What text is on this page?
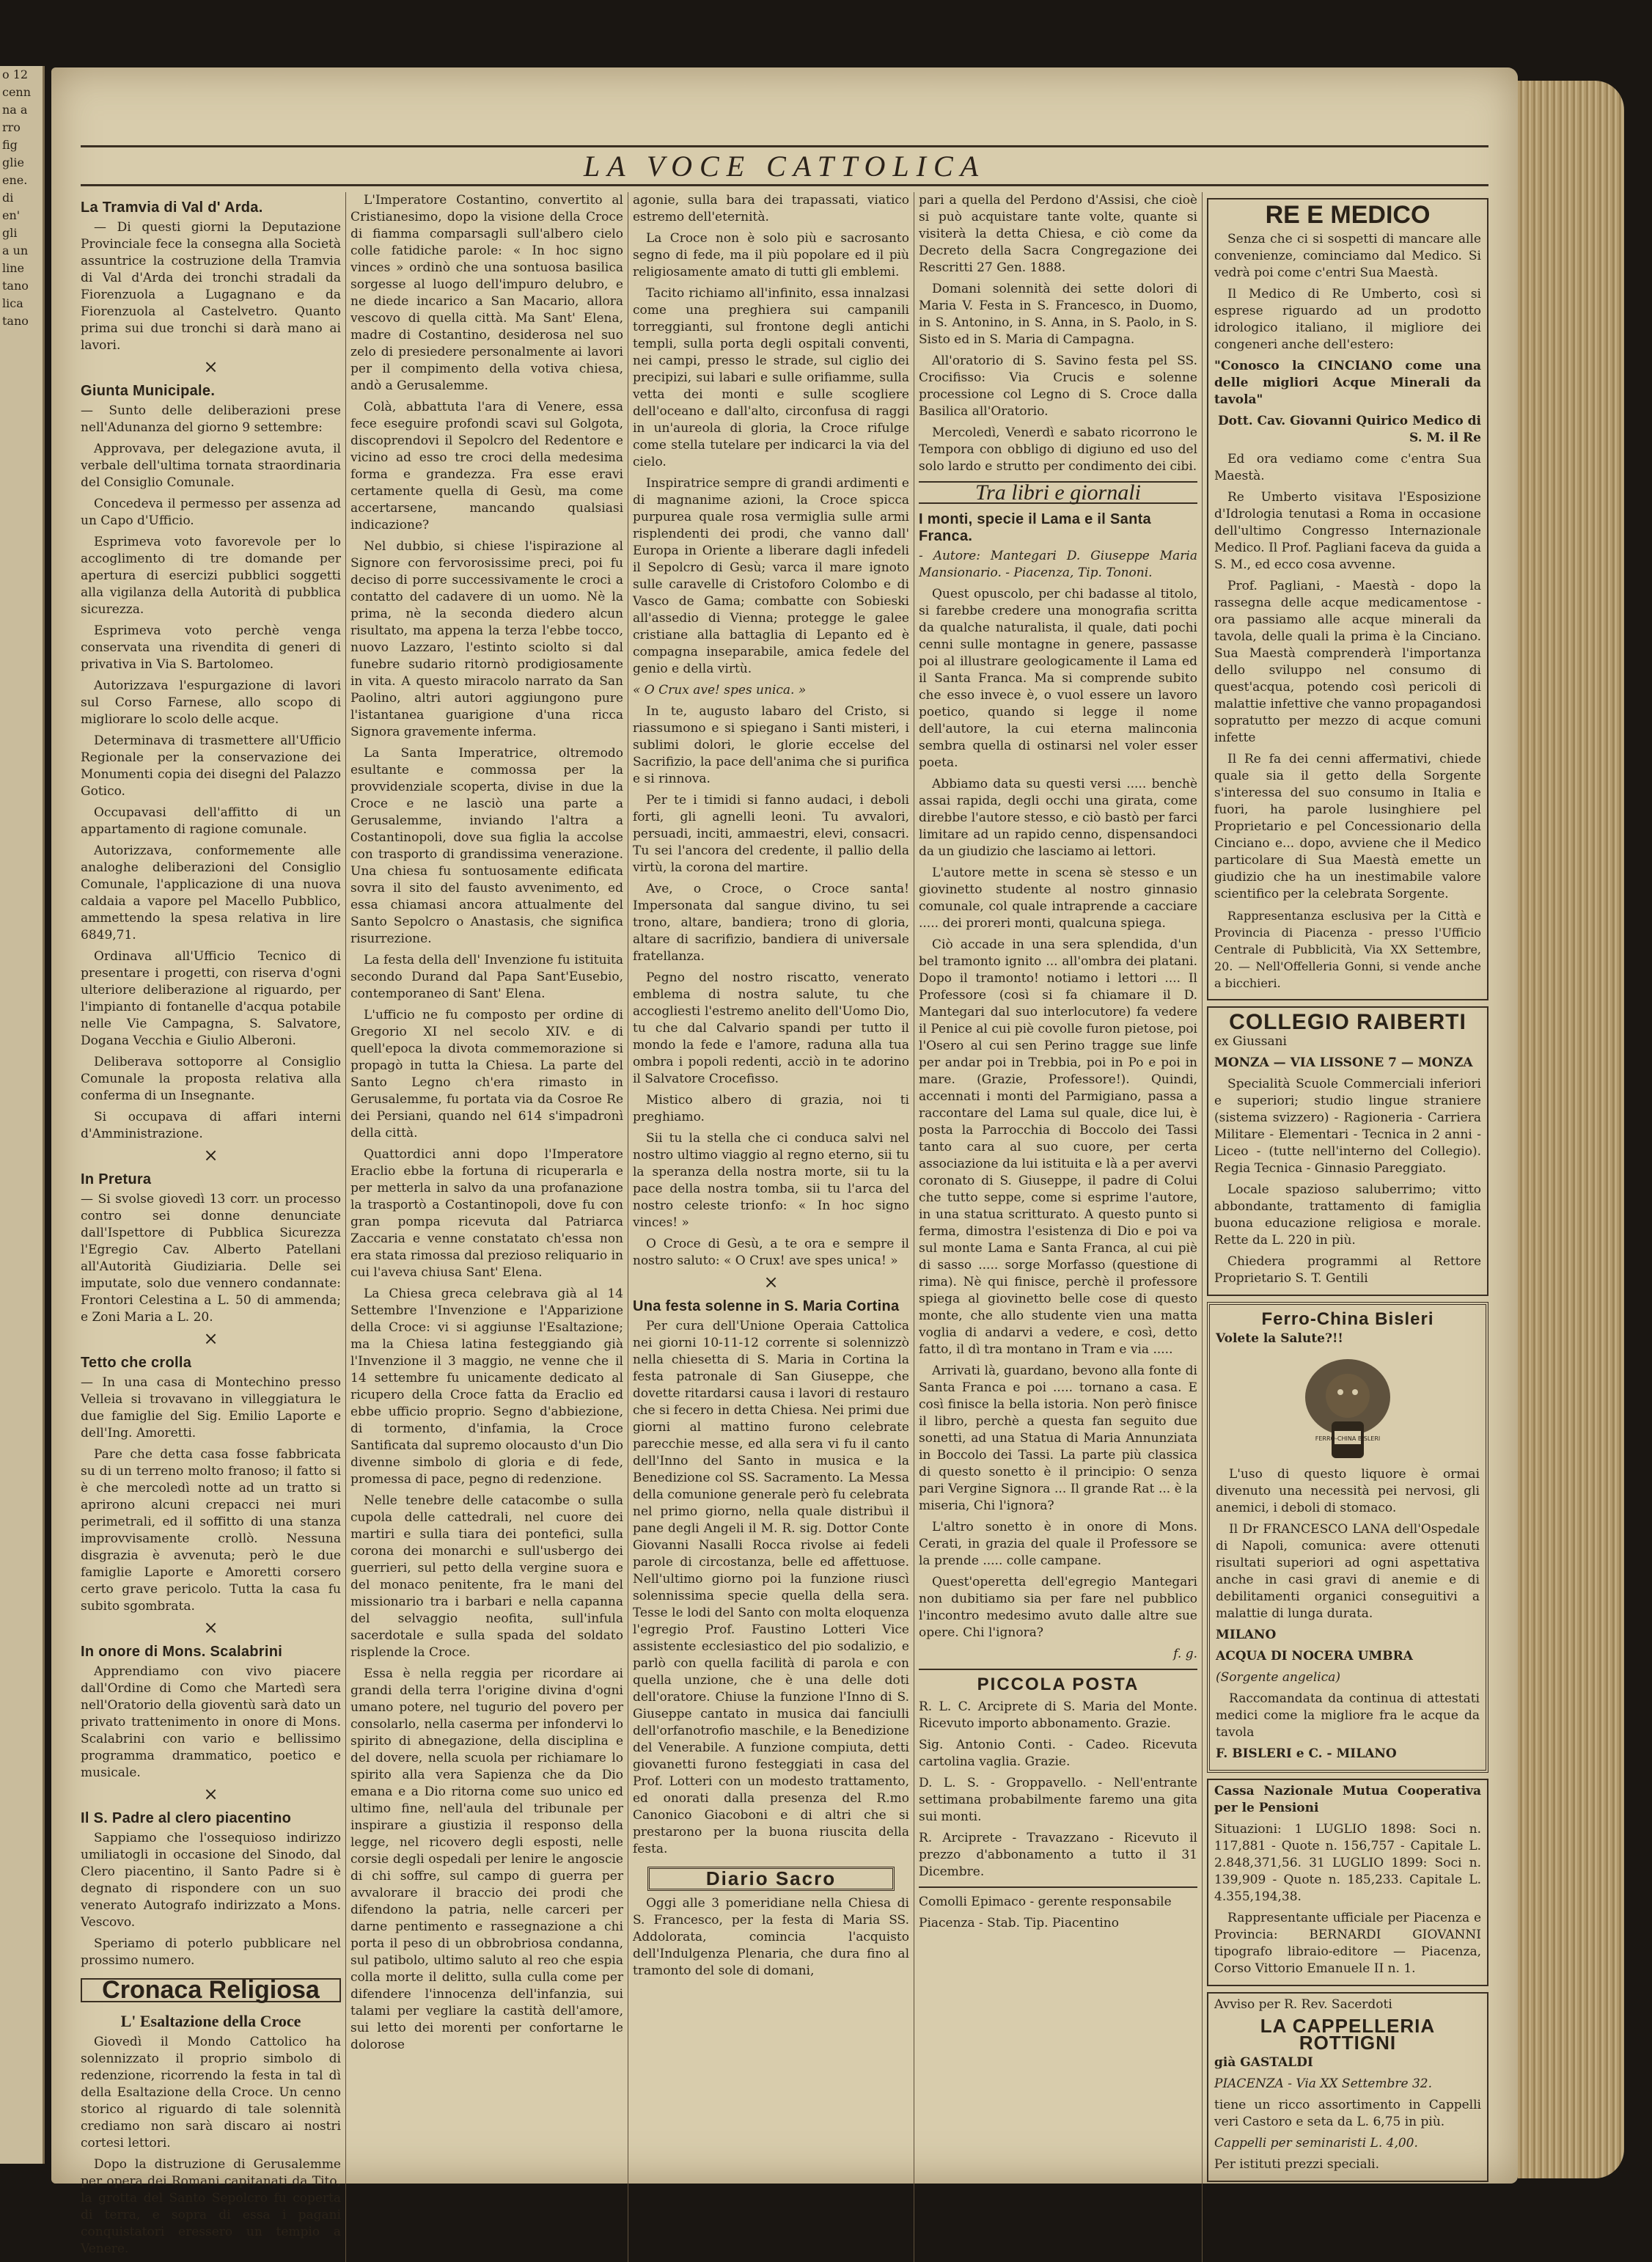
o 12
cenn
na a
rro
fig
glie
ene.
di
en'
gli
a un
line
tano
lica
tano
LA VOCE CATTOLICA
La Tramvia di Val d' Arda.

— Di questi giorni la Deputazione Provinciale fece la consegna alla Società assuntrice la costruzione della Tramvia di Val d'Arda dei tronchi stradali da Fiorenzuola a Lugagnano e da Fiorenzuola al Castelvetro. Quanto prima sui due tronchi si darà mano ai lavori.

×
Giunta Municipale.

— Sunto delle deliberazioni prese nell'Adunanza del giorno 9 settembre:

Approvava, per delegazione avuta, il verbale dell'ultima tornata straordinaria del Consiglio Comunale.

Concedeva il permesso per assenza ad un Capo d'Ufficio.

Esprimeva voto favorevole per lo accoglimento di tre domande per apertura di esercizi pubblici soggetti alla vigilanza della Autorità di pubblica sicurezza.

Esprimeva voto perchè venga conservata una rivendita di generi di privativa in Via S. Bartolomeo.

Autorizzava l'espurgazione di lavori sul Corso Farnese, allo scopo di migliorare lo scolo delle acque.

Determinava di trasmettere all'Ufficio Regionale per la conservazione dei Monumenti copia dei disegni del Palazzo Gotico.

Occupavasi dell'affitto di un appartamento di ragione comunale.

Autorizzava, conformemente alle analoghe deliberazioni del Consiglio Comunale, l'applicazione di una nuova caldaia a vapore pel Macello Pubblico, ammettendo la spesa relativa in lire 6849,71.

Ordinava all'Ufficio Tecnico di presentare i progetti, con riserva d'ogni ulteriore deliberazione al riguardo, per l'impianto di fontanelle d'acqua potabile nelle Vie Campagna, S. Salvatore, Dogana Vecchia e Giulio Alberoni.

Deliberava sottoporre al Consiglio Comunale la proposta relativa alla conferma di un Insegnante.

Si occupava di affari interni d'Amministrazione.

×
In Pretura

— Si svolse giovedì 13 corr. un processo contro sei donne denunciate dall'Ispettore di Pubblica Sicurezza l'Egregio Cav. Alberto Patellani all'Autorità Giudiziaria. Delle sei imputate, solo due vennero condannate: Frontori Celestina a L. 50 di ammenda; e Zoni Maria a L. 20.

×
Tetto che crolla

— In una casa di Montechino presso Velleia si trovavano in villeggiatura le due famiglie del Sig. Emilio Laporte e dell'Ing. Amoretti.

Pare che detta casa fosse fabbricata su di un terreno molto franoso; il fatto si è che mercoledì notte ad un tratto si aprirono alcuni crepacci nei muri perimetrali, ed il soffitto di una stanza improvvisamente crollò. Nessuna disgrazia è avvenuta; però le due famiglie Laporte e Amoretti corsero certo grave pericolo. Tutta la casa fu subito sgombrata.

×
In onore di Mons. Scalabrini

Apprendiamo con vivo piacere dall'Ordine di Como che Martedì sera nell'Oratorio della gioventù sarà dato un privato trattenimento in onore di Mons. Scalabrini con vario e bellissimo programma drammatico, poetico e musicale.

×
Il S. Padre al clero piacentino

Sappiamo che l'ossequioso indirizzo umiliatogli in occasione del Sinodo, dal Clero piacentino, il Santo Padre si è degnato di rispondere con un suo venerato Autografo indirizzato a Mons. Vescovo.

Speriamo di poterlo pubblicare nel prossimo numero.

Cronaca Religiosa
L' Esaltazione della Croce

Giovedì il Mondo Cattolico ha solennizzato il proprio simbolo di redenzione, ricorrendo la festa in tal dì della Esaltazione della Croce. Un cenno storico al riguardo di tale solennità crediamo non sarà discaro ai nostri cortesi lettori.

Dopo la distruzione di Gerusalemme per opera dei Romani capitanati da Tito, la grotta del Santo Sepolcro fu coperta di terra, e sopra di essa i pagani conquistatori eressero un tempio a Venere.

L'Imperatore Costantino, convertito al Cristianesimo, dopo la visione della Croce di fiamma comparsagli sull'albero cielo colle fatidiche parole: « In hoc signo vinces » ordinò che una sontuosa basilica sorgesse al luogo dell'impuro delubro, e ne diede incarico a San Macario, allora vescovo di quella città. Ma Sant' Elena, madre di Costantino, desiderosa nel suo zelo di presiedere personalmente ai lavori per il compimento della votiva chiesa, andò a Gerusalemme.

Colà, abbattuta l'ara di Venere, essa fece eseguire profondi scavi sul Golgota, discoprendovi il Sepolcro del Redentore e vicino ad esso tre croci della medesima forma e grandezza. Fra esse eravi certamente quella di Gesù, ma come accertarsene, mancando qualsiasi indicazione?

Nel dubbio, si chiese l'ispirazione al Signore con fervorosissime preci, poi fu deciso di porre successivamente le croci a contatto del cadavere di un uomo. Nè la prima, nè la seconda diedero alcun risultato, ma appena la terza l'ebbe tocco, nuovo Lazzaro, l'estinto sciolto si dal funebre sudario ritornò prodigiosamente in vita. A questo miracolo narrato da San Paolino, altri autori aggiungono pure l'istantanea guarigione d'una ricca Signora gravemente inferma.

La Santa Imperatrice, oltremodo esultante e commossa per la provvidenziale scoperta, divise in due la Croce e ne lasciò una parte a Gerusalemme, inviando l'altra a Costantinopoli, dove sua figlia la accolse con trasporto di grandissima venerazione. Una chiesa fu sontuosamente edificata sovra il sito del fausto avvenimento, ed essa chiamasi ancora attualmente del Santo Sepolcro o Anastasis, che significa risurrezione.

La festa della dell' Invenzione fu istituita secondo Durand dal Papa Sant'Eusebio, contemporaneo di Sant' Elena.

L'ufficio ne fu composto per ordine di Gregorio XI nel secolo XIV. e di quell'epoca la divota commemorazione si propagò in tutta la Chiesa. La parte del Santo Legno ch'era rimasto in Gerusalemme, fu portata via da Cosroe Re dei Persiani, quando nel 614 s'impadronì della città.

Quattordici anni dopo l'Imperatore Eraclio ebbe la fortuna di ricuperarla e per metterla in salvo da una profanazione la trasportò a Costantinopoli, dove fu con gran pompa ricevuta dal Patriarca Zaccaria e venne constatato ch'essa non era stata rimossa dal prezioso reliquario in cui l'aveva chiusa Sant' Elena.

La Chiesa greca celebrava già al 14 Settembre l'Invenzione e l'Apparizione della Croce: vi si aggiunse l'Esaltazione; ma la Chiesa latina festeggiando già l'Invenzione il 3 maggio, ne venne che il 14 settembre fu unicamente dedicato al ricupero della Croce fatta da Eraclio ed ebbe ufficio proprio. Segno d'abbiezione, di tormento, d'infamia, la Croce Santificata dal supremo olocausto d'un Dio divenne simbolo di gloria e di fede, promessa di pace, pegno di redenzione.

Nelle tenebre delle catacombe o sulla cupola delle cattedrali, nel cuore dei martiri e sulla tiara dei pontefici, sulla corona dei monarchi e sull'usbergo dei guerrieri, sul petto della vergine suora e del monaco penitente, fra le mani del missionario tra i barbari e nella capanna del selvaggio neofita, sull'infula sacerdotale e sulla spada del soldato risplende la Croce.

Essa è nella reggia per ricordare ai grandi della terra l'origine divina d'ogni umano potere, nel tugurio del povero per consolarlo, nella caserma per infondervi lo spirito di abnegazione, della disciplina e del dovere, nella scuola per richiamare lo spirito alla vera Sapienza che da Dio emana e a Dio ritorna come suo unico ed ultimo fine, nell'aula del tribunale per inspirare a giustizia il responso della legge, nel ricovero degli esposti, nelle corsie degli ospedali per lenire le angoscie di chi soffre, sul campo di guerra per avvalorare il braccio dei prodi che difendono la patria, nelle carceri per darne pentimento e rassegnazione a chi porta il peso di un obbrobriosa condanna, sul patibolo, ultimo saluto al reo che espia colla morte il delitto, sulla culla come per difendere l'innocenza dell'infanzia, sui talami per vegliare la castità dell'amore, sui letto dei morenti per confortarne le dolorose

agonie, sulla bara dei trapassati, viatico estremo dell'eternità.

La Croce non è solo più e sacrosanto segno di fede, ma il più popolare ed il più religiosamente amato di tutti gli emblemi.

Tacito richiamo all'infinito, essa innalzasi come una preghiera sui campanili torreggianti, sul frontone degli antichi templi, sulla porta degli ospitali conventi, nei campi, presso le strade, sul ciglio dei precipizi, sui labari e sulle orifiamme, sulla vetta dei monti e sulle scogliere dell'oceano e dall'alto, circonfusa di raggi in un'aureola di gloria, la Croce rifulge come stella tutelare per indicarci la via del cielo.

Inspiratrice sempre di grandi ardimenti e di magnanime azioni, la Croce spicca purpurea quale rosa vermiglia sulle armi risplendenti dei prodi, che vanno dall' Europa in Oriente a liberare dagli infedeli il Sepolcro di Gesù; varca il mare ignoto sulle caravelle di Cristoforo Colombo e di Vasco de Gama; combatte con Sobieski all'assedio di Vienna; protegge le galee cristiane alla battaglia di Lepanto ed è compagna inseparabile, amica fedele del genio e della virtù.

« O Crux ave! spes unica. »

In te, augusto labaro del Cristo, si riassumono e si spiegano i Santi misteri, i sublimi dolori, le glorie eccelse del Sacrifizio, la pace dell'anima che si purifica e si rinnova.

Per te i timidi si fanno audaci, i deboli forti, gli agnelli leoni. Tu avvalori, persuadi, inciti, ammaestri, elevi, consacri. Tu sei l'ancora del credente, il pallio della virtù, la corona del martire.

Ave, o Croce, o Croce santa! Impersonata dal sangue divino, tu sei trono, altare, bandiera; trono di gloria, altare di sacrifizio, bandiera di universale fratellanza.

Pegno del nostro riscatto, venerato emblema di nostra salute, tu che accogliesti l'estremo anelito dell'Uomo Dio, tu che dal Calvario spandi per tutto il mondo la fede e l'amore, raduna alla tua ombra i popoli redenti, acciò in te adorino il Salvatore Crocefisso.

Mistico albero di grazia, noi ti preghiamo.

Sii tu la stella che ci conduca salvi nel nostro ultimo viaggio al regno eterno, sii tu la speranza della nostra morte, sii tu la pace della nostra tomba, sii tu l'arca del nostro celeste trionfo: « In hoc signo vinces! »

O Croce di Gesù, a te ora e sempre il nostro saluto: « O Crux! ave spes unica! »

×
Una festa solenne in S. Maria Cortina

Per cura dell'Unione Operaia Cattolica nei giorni 10-11-12 corrente si solennizzò nella chiesetta di S. Maria in Cortina la festa patronale di San Giuseppe, che dovette ritardarsi causa i lavori di restauro che si fecero in detta Chiesa. Nei primi due giorni al mattino furono celebrate parecchie messe, ed alla sera vi fu il canto dell'Inno del Santo in musica e la Benedizione col SS. Sacramento. La Messa della comunione generale però fu celebrata nel primo giorno, nella quale distribuì il pane degli Angeli il M. R. sig. Dottor Conte Giovanni Nasalli Rocca rivolse ai fedeli parole di circostanza, belle ed affettuose. Nell'ultimo giorno poi la funzione riuscì solennissima specie quella della sera. Tesse le lodi del Santo con molta eloquenza l'egregio Prof. Faustino Lotteri Vice assistente ecclesiastico del pio sodalizio, e parlò con quella facilità di parola e con quella unzione, che è una delle doti dell'oratore. Chiuse la funzione l'Inno di S. Giuseppe cantato in musica dai fanciulli dell'orfanotrofio maschile, e la Benedizione del Venerabile. A funzione compiuta, detti giovanetti furono festeggiati in casa del Prof. Lotteri con un modesto trattamento, ed onorati dalla presenza del R.mo Canonico Giacoboni e di altri che si prestarono per la buona riuscita della festa.

Diario Sacro

Oggi alle 3 pomeridiane nella Chiesa di S. Francesco, per la festa di Maria SS. Addolorata, comincia l'acquisto dell'Indulgenza Plenaria, che dura fino al tramonto del sole di domani,

pari a quella del Perdono d'Assisi, che cioè si può acquistare tante volte, quante si visiterà la detta Chiesa, e ciò come da Decreto della Sacra Congregazione dei Rescritti 27 Gen. 1888.

Domani solennità dei sette dolori di Maria V. Festa in S. Francesco, in Duomo, in S. Antonino, in S. Anna, in S. Paolo, in S. Sisto ed in S. Maria di Campagna.

All'oratorio di S. Savino festa pel SS. Crocifisso: Via Crucis e solenne processione col Legno di S. Croce dalla Basilica all'Oratorio.

Mercoledì, Venerdì e sabato ricorrono le Tempora con obbligo di digiuno ed uso del solo lardo e strutto per condimento dei cibi.

Tra libri e giornali
I monti, specie il Lama e il Santa Franca.

- Autore: Mantegari D. Giuseppe Maria Mansionario. - Piacenza, Tip. Tononi.

Quest opuscolo, per chi badasse al titolo, si farebbe credere una monografia scritta da qualche naturalista, il quale, dati pochi cenni sulle montagne in genere, passasse poi al illustrare geologicamente il Lama ed il Santa Franca. Ma si comprende subito che esso invece è, o vuol essere un lavoro poetico, quando si legge il nome dell'autore, la cui eterna malinconia sembra quella di ostinarsi nel voler esser poeta.

Abbiamo data su questi versi ..... benchè assai rapida, degli occhi una girata, come direbbe l'autore stesso, e ciò bastò per farci limitare ad un rapido cenno, dispensandoci da un giudizio che lasciamo ai lettori.

L'autore mette in scena sè stesso e un giovinetto studente al nostro ginnasio comunale, col quale intraprende a cacciare ..... dei proreri monti, qualcuna spiega.

Ciò accade in una sera splendida, d'un bel tramonto ignito ... all'ombra dei platani. Dopo il tramonto! notiamo i lettori .... Il Professore (così si fa chiamare il D. Mantegari dal suo interlocutore) fa vedere il Penice al cui piè covolle furon pietose, poi l'Osero al cui sen Perino tragge sue linfe per andar poi in Trebbia, poi in Po e poi in mare. (Grazie, Professore!). Quindi, accennati i monti del Parmigiano, passa a raccontare del Lama sul quale, dice lui, è posta la Parrocchia di Boccolo dei Tassi tanto cara al suo cuore, per certa associazione da lui istituita e là a per avervi coronato di S. Giuseppe, il padre di Colui che tutto seppe, come si esprime l'autore, in una statua scritturato. A questo punto si ferma, dimostra l'esistenza di Dio e poi va sul monte Lama e Santa Franca, al cui piè di sasso ..... sorge Morfasso (questione di rima). Nè qui finisce, perchè il professore spiega al giovinetto belle cose di questo monte, che allo studente vien una matta voglia di andarvi a vedere, e così, detto fatto, il dì tra montano in Tram e via .....

Arrivati là, guardano, bevono alla fonte di Santa Franca e poi ..... tornano a casa. E così finisce la bella istoria. Non però finisce il libro, perchè a questa fan seguito due sonetti, ad una Statua di Maria Annunziata in Boccolo dei Tassi. La parte più classica di questo sonetto è il principio: O senza pari Vergine Signora ... Il grande Rat ... è la miseria, Chi l'ignora?

L'altro sonetto è in onore di Mons. Cerati, in grazia del quale il Professore se la prende ..... colle campane.

Quest'operetta dell'egregio Mantegari non dubitiamo sia per fare nel pubblico l'incontro medesimo avuto dalle altre sue opere. Chi l'ignora?

f. g.

PICCOLA POSTA

R. L. C. Arciprete di S. Maria del Monte. Ricevuto importo abbonamento. Grazie.

Sig. Antonio Conti. - Cadeo. Ricevuta cartolina vaglia. Grazie.

D. L. S. - Groppavello. - Nell'entrante settimana probabilmente faremo una gita sui monti.

R. Arciprete - Travazzano - Ricevuto il prezzo d'abbonamento a tutto il 31 Dicembre.

Comolli Epimaco - gerente responsabile

Piacenza - Stab. Tip. Piacentino

RE E MEDICO

Senza che ci si sospetti di mancare alle convenienze, cominciamo dal Medico. Si vedrà poi come c'entri Sua Maestà.

Il Medico di Re Umberto, così si esprese riguardo ad un prodotto idrologico italiano, il migliore dei congeneri anche dell'estero:

"Conosco la CINCIANO come una delle migliori Acque Minerali da tavola"

Dott. Cav. Giovanni Quirico Medico di S. M. il Re

Ed ora vediamo come c'entra Sua Maestà.

Re Umberto visitava l'Esposizione d'Idrologia tenutasi a Roma in occasione dell'ultimo Congresso Internazionale Medico. Il Prof. Pagliani faceva da guida a S. M., ed ecco cosa avvenne.

Prof. Pagliani, - Maestà - dopo la rassegna delle acque medicamentose - ora passiamo alle acque minerali da tavola, delle quali la prima è la Cinciano. Sua Maestà comprenderà l'importanza dello sviluppo nel consumo di quest'acqua, potendo così pericoli di malattie infettive che vanno propagandosi sopratutto per mezzo di acque comuni infette

Il Re fa dei cenni affermativi, chiede quale sia il getto della Sorgente s'interessa del suo consumo in Italia e fuori, ha parole lusinghiere pel Proprietario e pel Concessionario della Cinciano e... dopo, avviene che il Medico particolare di Sua Maestà emette un giudizio che ha un inestimabile valore scientifico per la celebrata Sorgente.

Rappresentanza esclusiva per la Città e Provincia di Piacenza - presso l'Ufficio Centrale di Pubblicità, Via XX Settembre, 20. — Nell'Offelleria Gonni, si vende anche a bicchieri.

COLLEGIO RAIBERTI

ex Giussani

MONZA — VIA LISSONE 7 — MONZA

Specialità Scuole Commerciali inferiori e superiori; studio lingue straniere (sistema svizzero) - Ragioneria - Carriera Militare - Elementari - Tecnica in 2 anni - Liceo - (tutte nell'interno del Collegio). Regia Tecnica - Ginnasio Pareggiato.

Locale spazioso saluberrimo; vitto abbondante, trattamento di famiglia buona educazione religiosa e morale. Rette da L. 220 in più.

Chiedera programmi al Rettore Proprietario S. T. Gentili

Ferro-China Bisleri

Volete la Salute?!!

FERRO-CHINA BISLERI

L'uso di questo liquore è ormai divenuto una necessità pei nervosi, gli anemici, i deboli di stomaco.

Il Dr FRANCESCO LANA dell'Ospedale di Napoli, comunica: avere ottenuti risultati superiori ad ogni aspettativa anche in casi gravi di anemie e di debilitamenti organici conseguitivi a malattie di lunga durata.

MILANO

ACQUA DI NOCERA UMBRA

(Sorgente angelica)

Raccomandata da continua di attestati medici come la migliore fra le acque da tavola

F. BISLERI e C. - MILANO

Cassa Nazionale Mutua Cooperativa per le Pensioni

Situazioni: 1 LUGLIO 1898: Soci n. 117,881 - Quote n. 156,757 - Capitale L. 2.848,371,56. 31 LUGLIO 1899: Soci n. 139,909 - Quote n. 185,233. Capitale L. 4.355,194,38.

Rappresentante ufficiale per Piacenza e Provincia: BERNARDI GIOVANNI tipografo libraio-editore — Piacenza, Corso Vittorio Emanuele II n. 1.

Avviso per R. Rev. Sacerdoti

LA CAPPELLERIA ROTTIGNI

già GASTALDI

PIACENZA - Via XX Settembre 32.

tiene un ricco assortimento in Cappelli veri Castoro e seta da L. 6,75 in più.

Cappelli per seminaristi L. 4,00.

Per istituti prezzi speciali.
